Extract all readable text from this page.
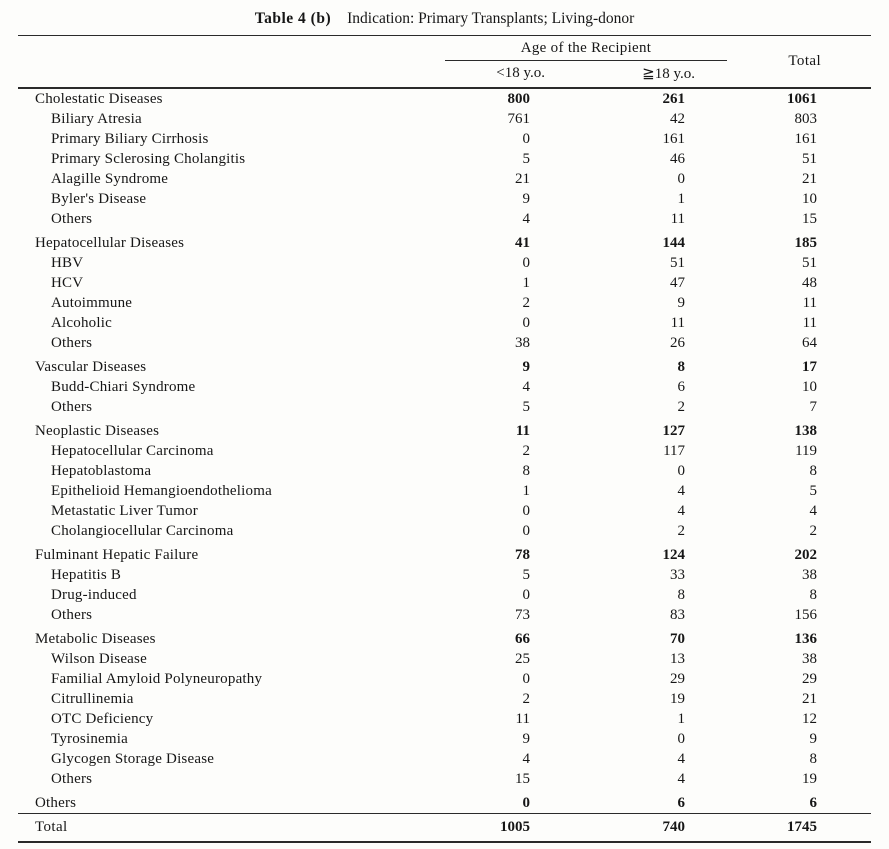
Table 4 (b) Indication: Primary Transplants; Living-donor

	Age of the Recipient		Total
	<18 y.o.	≧18 y.o.	
Cholestatic Diseases	800	261	1061
Biliary Atresia	761	42	803
Primary Biliary Cirrhosis	0	161	161
Primary Sclerosing Cholangitis	5	46	51
Alagille Syndrome	21	0	21
Byler's Disease	9	1	10
Others	4	11	15
Hepatocellular Diseases	41	144	185
HBV	0	51	51
HCV	1	47	48
Autoimmune	2	9	11
Alcoholic	0	11	11
Others	38	26	64
Vascular Diseases	9	8	17
Budd-Chiari Syndrome	4	6	10
Others	5	2	7
Neoplastic Diseases	11	127	138
Hepatocellular Carcinoma	2	117	119
Hepatoblastoma	8	0	8
Epithelioid Hemangioendothelioma	1	4	5
Metastatic Liver Tumor	0	4	4
Cholangiocellular Carcinoma	0	2	2
Fulminant Hepatic Failure	78	124	202
Hepatitis B	5	33	38
Drug-induced	0	8	8
Others	73	83	156
Metabolic Diseases	66	70	136
Wilson Disease	25	13	38
Familial Amyloid Polyneuropathy	0	29	29
Citrullinemia	2	19	21
OTC Deficiency	11	1	12
Tyrosinemia	9	0	9
Glycogen Storage Disease	4	4	8
Others	15	4	19
Others	0	6	6
Total	1005	740	1745
